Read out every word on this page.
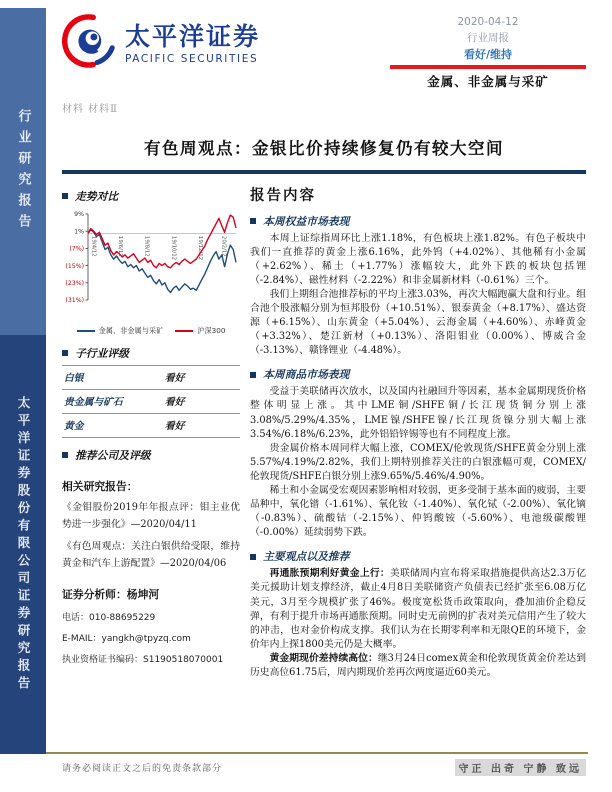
行业研究报告
太平洋证券股份有限公司证券研究报告
太平洋证券
PACIFIC SECURITIES
2020-04-12
行业周报
看好/维持
金属、非金属与采矿
材料 材料Ⅱ
有色周观点：金银比价持续修复仍有较大空间
走势对比
9%
1%
(7%)
(15%)
(23%)
(31%)
19/4/12	19/6/12	19/8/12	19/10/12	19/12/12	20/2/12
金属、非金属与采矿	沪深300
子行业评级
白银	看好
贵金属与矿石	看好
黄金	看好
推荐公司及评级
相关研究报告：
《金钼股份2019年年报点评：钼主业优势进一步强化》—2020/04/11
《有色周观点：关注白银供给受限，维持黄金和汽车上游配置》—2020/04/06
证券分析师：杨坤河
电话：010-88695229
E-MAIL：yangkh@tpyzq.com
执业资格证书编码：S1190518070001
报告内容
本周权益市场表现

本周上证综指周环比上涨1.18%，有色板块上涨1.82%。有色子板块中我们一直推荐的黄金上涨6.16%，此外钨（+4.02%）、其他稀有小金属（+2.62%）、稀土（+1.77%）涨幅较大，此外下跌的板块包括锂（-2.84%）、磁性材料（-2.22%）和非金属新材料（-0.61%）三个。

我们上期组合池推荐标的平均上涨3.03%，再次大幅跑赢大盘和行业。组合池个股涨幅分别为恒邦股份（+10.51%）、银泰黄金（+8.17%）、盛达资源（+6.15%）、山东黄金（+5.04%）、云海金属（+4.60%）、赤峰黄金（+3.32%）、楚江新材（+0.13%）、洛阳钼业（0.00%）、博威合金（-3.13%）、赣锋锂业（-4.48%）。

本周商品市场表现

受益于美联储再次放水，以及国内社融回升等因素，基本金属期现货价格整体明显上涨。其中LME铜/SHFE铜/长江现货铜分别上涨3.08%/5.29%/4.35%，LME镍/SHFE镍/长江现货镍分别大幅上涨3.54%/6.18%/6.23%，此外铝铅锌锡等也有不同程度上涨。

贵金属价格本周同样大幅上涨，COMEX/伦敦现货/SHFE黄金分别上涨5.57%/4.19%/2.82%，我们上期特别推荐关注的白银涨幅可观，COMEX/伦敦现货/SHFE白银分别上涨9.65%/5.46%/4.90%。

稀土和小金属受宏观因素影响相对较弱，更多受制于基本面的疲弱，主要品种中，氧化镨（-1.61%）、氧化钕（-1.40%）、氧化铽（-2.00%）、氧化镝（-0.83%）、硫酸钴（-2.15%）、仲钨酸铵（-5.60%）、电池级碳酸锂（-0.00%）延续弱势下跌。

主要观点以及推荐

再通胀预期利好黄金上行：美联储周内宣布将采取措施提供高达2.3万亿美元援助计划支撑经济，截止4月8日美联储资产负债表已经扩张至6.08万亿美元，3月至今规模扩张了46%。极度宽松货币政策取向，叠加油价企稳反弹，有利于提升市场再通胀预期。同时史无前例的扩表对美元信用产生了较大的冲击，也对金价构成支撑。我们认为在长期零利率和无限QE的环境下，金价年内上探1800美元仍是大概率。

黄金期现价差持续高位：继3月24日comex黄金和伦敦现货黄金价差达到历史高位61.75后，周内期现价差再次两度逼近60美元。

请务必阅读正文之后的免责条款部分	守正 出奇 宁静 致远
